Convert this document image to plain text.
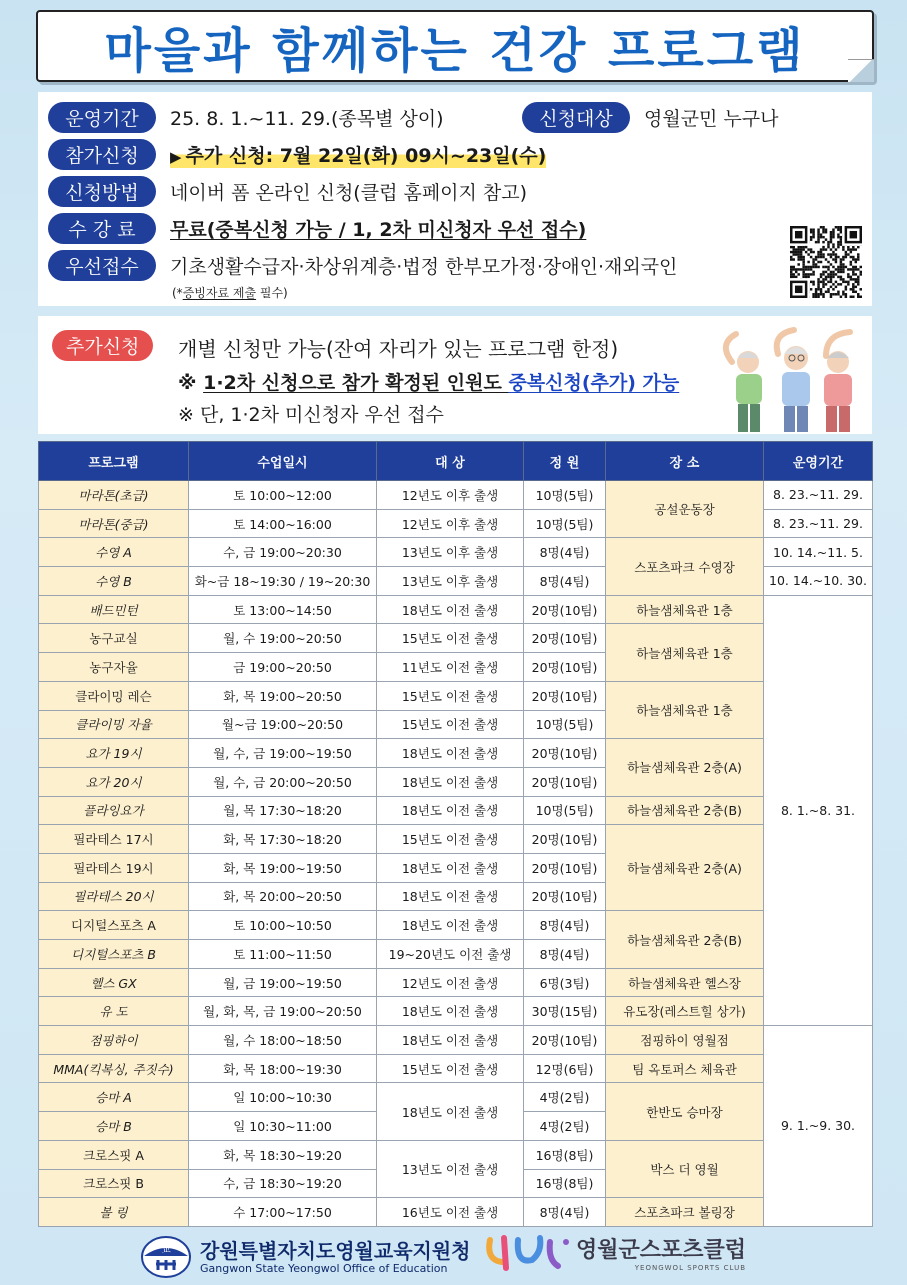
마을과 함께하는 건강 프로그램
운영기간	25. 8. 1.~11. 29.(종목별 상이)	신청대상	영월군민 누구나
참가신청	▶ 추가 신청: 7월 22일(화) 09시~23일(수)
신청방법	네이버 폼 온라인 신청(클럽 홈페이지 참고)
수 강 료	무료(중복신청 가능 / 1, 2차 미신청자 우선 접수)
우선접수	기초생활수급자·차상위계층·법정 한부모가정·장애인·재외국인
(*증빙자료 제출 필수)
추가신청	개별 신청만 가능(잔여 자리가 있는 프로그램 한정)
※ 1·2차 신청으로 참가 확정된 인원도 중복신청(추가) 가능
※ 단, 1·2차 미신청자 우선 접수
프로그램	수업일시	대 상	정 원	장 소	운영기간
마라톤(초급)	토 10:00~12:00	12년도 이후 출생	10명(5팀)	공설운동장	8. 23.~11. 29.
마라톤(중급)	토 14:00~16:00	12년도 이후 출생	10명(5팀)		8. 23.~11. 29.
수영 A	수, 금 19:00~20:30	13년도 이후 출생	8명(4팀)	스포츠파크 수영장	10. 14.~11. 5.
수영 B	화~금 18~19:30 / 19~20:30	13년도 이후 출생	8명(4팀)		10. 14.~10. 30.
배드민턴	토 13:00~14:50	18년도 이전 출생	20명(10팀)	하늘샘체육관 1층	8. 1.~8. 31.
농구교실	월, 수 19:00~20:50	15년도 이전 출생	20명(10팀)	하늘샘체육관 1층	
농구자율	금 19:00~20:50	11년도 이전 출생	20명(10팀)		
클라이밍 레슨	화, 목 19:00~20:50	15년도 이전 출생	20명(10팀)	하늘샘체육관 1층	
클라이밍 자율	월~금 19:00~20:50	15년도 이전 출생	10명(5팀)		
요가 19시	월, 수, 금 19:00~19:50	18년도 이전 출생	20명(10팀)	하늘샘체육관 2층(A)	
요가 20시	월, 수, 금 20:00~20:50	18년도 이전 출생	20명(10팀)		
플라잉요가	월, 목 17:30~18:20	18년도 이전 출생	10명(5팀)	하늘샘체육관 2층(B)	
필라테스 17시	화, 목 17:30~18:20	15년도 이전 출생	20명(10팀)	하늘샘체육관 2층(A)	
필라테스 19시	화, 목 19:00~19:50	18년도 이전 출생	20명(10팀)		
필라테스 20시	화, 목 20:00~20:50	18년도 이전 출생	20명(10팀)		
디지털스포츠 A	토 10:00~10:50	18년도 이전 출생	8명(4팀)	하늘샘체육관 2층(B)	
디지털스포츠 B	토 11:00~11:50	19~20년도 이전 출생	8명(4팀)		
헬스 GX	월, 금 19:00~19:50	12년도 이전 출생	6명(3팀)	하늘샘체육관 헬스장	
유 도	월, 화, 목, 금 19:00~20:50	18년도 이전 출생	30명(15팀)	유도장(레스트힐 상가)	
점핑하이	월, 수 18:00~18:50	18년도 이전 출생	20명(10팀)	점핑하이 영월점	9. 1.~9. 30.
MMA(킥복싱, 주짓수)	화, 목 18:00~19:30	15년도 이전 출생	12명(6팀)	팀 옥토퍼스 체육관	
승마 A	일 10:00~10:30	18년도 이전 출생	4명(2팀)	한반도 승마장	
승마 B	일 10:30~11:00		4명(2팀)		
크로스핏 A	화, 목 18:30~19:20	13년도 이전 출생	16명(8팀)	박스 더 영월	
크로스핏 B	수, 금 18:30~19:20		16명(8팀)		
볼 링	수 17:00~17:50	16년도 이전 출생	8명(4팀)	스포츠파크 볼링장	
교 강원특별자치도영월교육지원청
Gangwon State Yeongwol Office of Education
영월군스포츠클럽
YEONGWOL SPORTS CLUB
